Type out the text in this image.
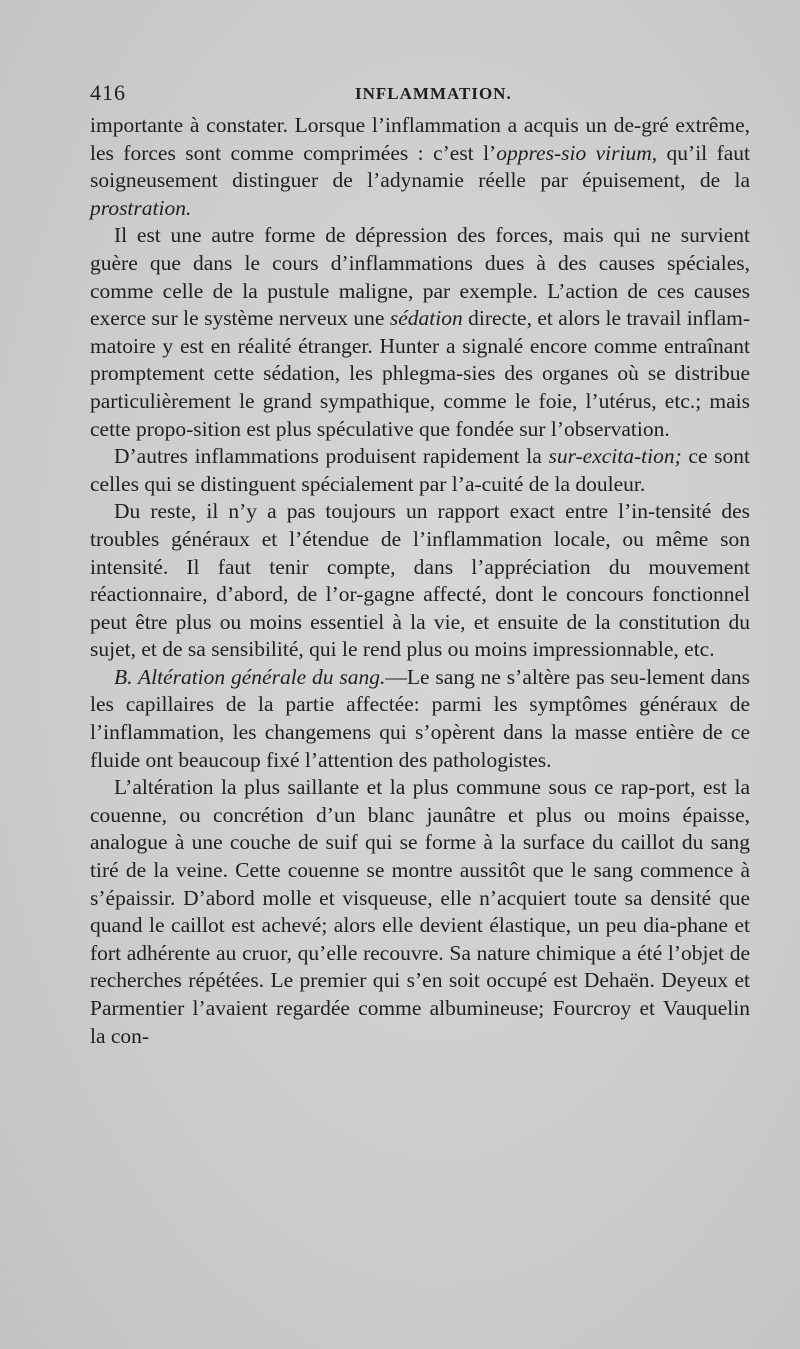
416	INFLAMMATION.

importante à constater. Lorsque l’inflammation a acquis un de-gré extrême, les forces sont comme comprimées : c’est l’oppres-sio virium, qu’il faut soigneusement distinguer de l’adynamie réelle par épuisement, de la prostration.

Il est une autre forme de dépression des forces, mais qui ne survient guère que dans le cours d’inflammations dues à des causes spéciales, comme celle de la pustule maligne, par exemple. L’action de ces causes exerce sur le système nerveux une sédation directe, et alors le travail inflam-matoire y est en réalité étranger. Hunter a signalé encore comme entraînant promptement cette sédation, les phlegma-sies des organes où se distribue particulièrement le grand sympathique, comme le foie, l’utérus, etc.; mais cette propo-sition est plus spéculative que fondée sur l’observation.

D’autres inflammations produisent rapidement la sur-excita-tion; ce sont celles qui se distinguent spécialement par l’a-cuité de la douleur.

Du reste, il n’y a pas toujours un rapport exact entre l’in-tensité des troubles généraux et l’étendue de l’inflammation locale, ou même son intensité. Il faut tenir compte, dans l’appréciation du mouvement réactionnaire, d’abord, de l’or-gagne affecté, dont le concours fonctionnel peut être plus ou moins essentiel à la vie, et ensuite de la constitution du sujet, et de sa sensibilité, qui le rend plus ou moins impressionnable, etc.

B. Altération générale du sang.—Le sang ne s’altère pas seu-lement dans les capillaires de la partie affectée: parmi les symptômes généraux de l’inflammation, les changemens qui s’opèrent dans la masse entière de ce fluide ont beaucoup fixé l’attention des pathologistes.

L’altération la plus saillante et la plus commune sous ce rap-port, est la couenne, ou concrétion d’un blanc jaunâtre et plus ou moins épaisse, analogue à une couche de suif qui se forme à la surface du caillot du sang tiré de la veine. Cette couenne se montre aussitôt que le sang commence à s’épaissir. D’abord molle et visqueuse, elle n’acquiert toute sa densité que quand le caillot est achevé; alors elle devient élastique, un peu dia-phane et fort adhérente au cruor, qu’elle recouvre. Sa nature chimique a été l’objet de recherches répétées. Le premier qui s’en soit occupé est Dehaën. Deyeux et Parmentier l’avaient regardée comme albumineuse; Fourcroy et Vauquelin la con-
